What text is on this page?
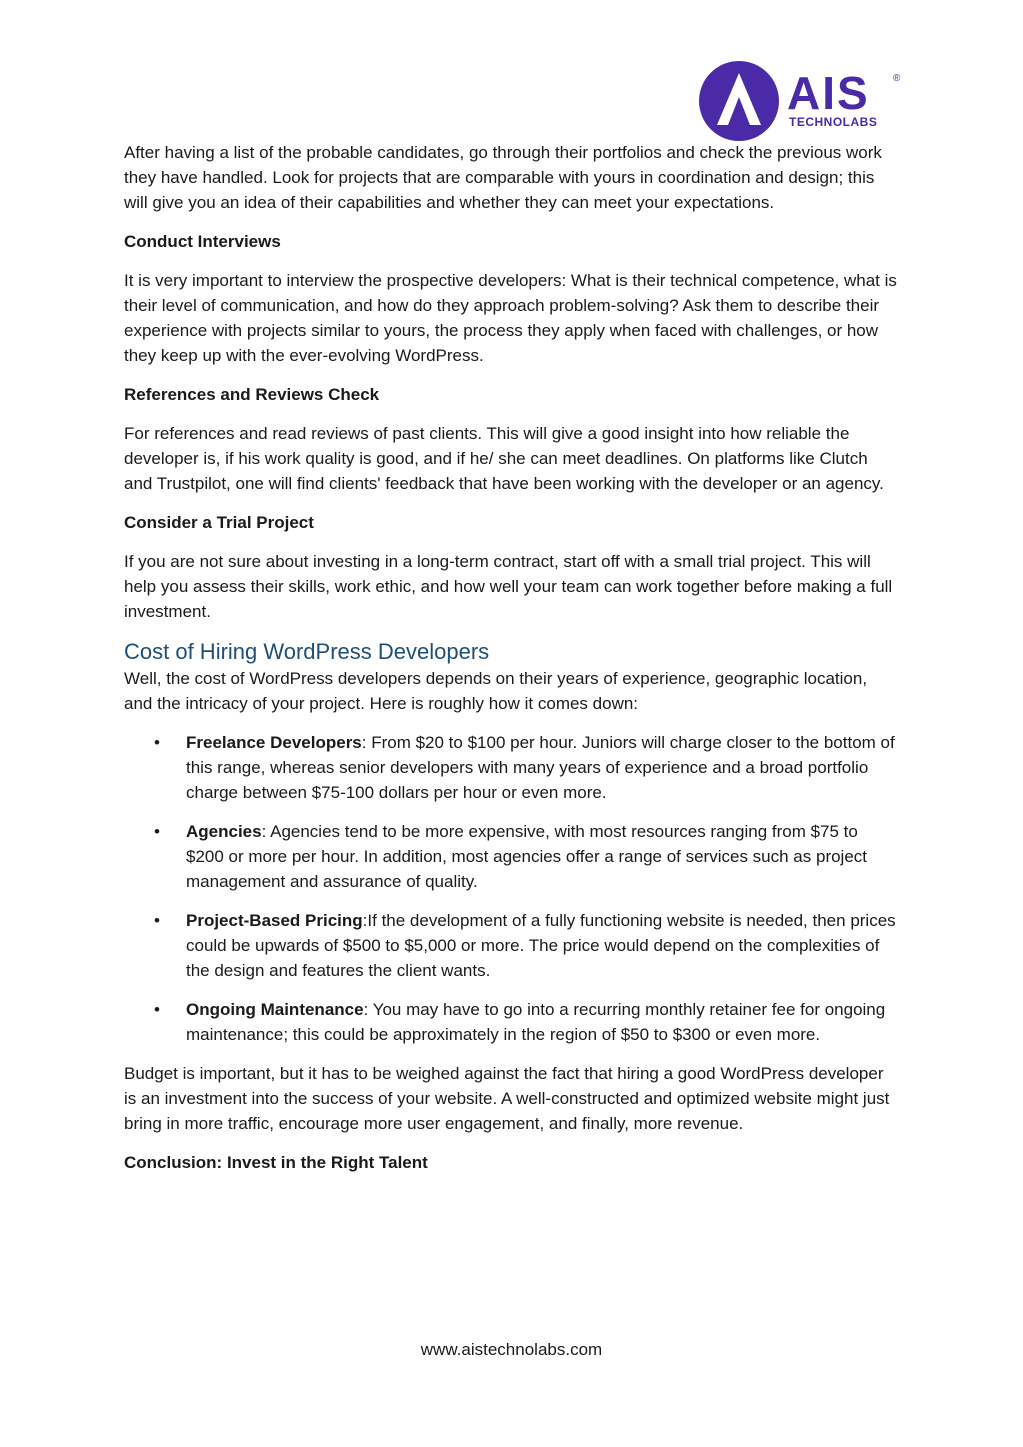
AIS ®
TECHNOLABS

After having a list of the probable candidates, go through their portfolios and check the previous work they have handled. Look for projects that are comparable with yours in coordination and design; this will give you an idea of their capabilities and whether they can meet your expectations.

Conduct Interviews

It is very important to interview the prospective developers: What is their technical competence, what is their level of communication, and how do they approach problem-solving? Ask them to describe their experience with projects similar to yours, the process they apply when faced with challenges, or how they keep up with the ever-evolving WordPress.

References and Reviews Check

For references and read reviews of past clients. This will give a good insight into how reliable the developer is, if his work quality is good, and if he/ she can meet deadlines. On platforms like Clutch and Trustpilot, one will find clients' feedback that have been working with the developer or an agency.

Consider a Trial Project

If you are not sure about investing in a long-term contract, start off with a small trial project. This will help you assess their skills, work ethic, and how well your team can work together before making a full investment.

Cost of Hiring WordPress Developers

Well, the cost of WordPress developers depends on their years of experience, geographic location, and the intricacy of your project. Here is roughly how it comes down:

• Freelance Developers: From $20 to $100 per hour. Juniors will charge closer to the bottom of this range, whereas senior developers with many years of experience and a broad portfolio charge between $75-100 dollars per hour or even more.
• Agencies: Agencies tend to be more expensive, with most resources ranging from $75 to $200 or more per hour. In addition, most agencies offer a range of services such as project management and assurance of quality.
• Project-Based Pricing:If the development of a fully functioning website is needed, then prices could be upwards of $500 to $5,000 or more. The price would depend on the complexities of the design and features the client wants.
• Ongoing Maintenance: You may have to go into a recurring monthly retainer fee for ongoing maintenance; this could be approximately in the region of $50 to $300 or even more.

Budget is important, but it has to be weighed against the fact that hiring a good WordPress developer is an investment into the success of your website. A well-constructed and optimized website might just bring in more traffic, encourage more user engagement, and finally, more revenue.

Conclusion: Invest in the Right Talent

www.aistechnolabs.com
